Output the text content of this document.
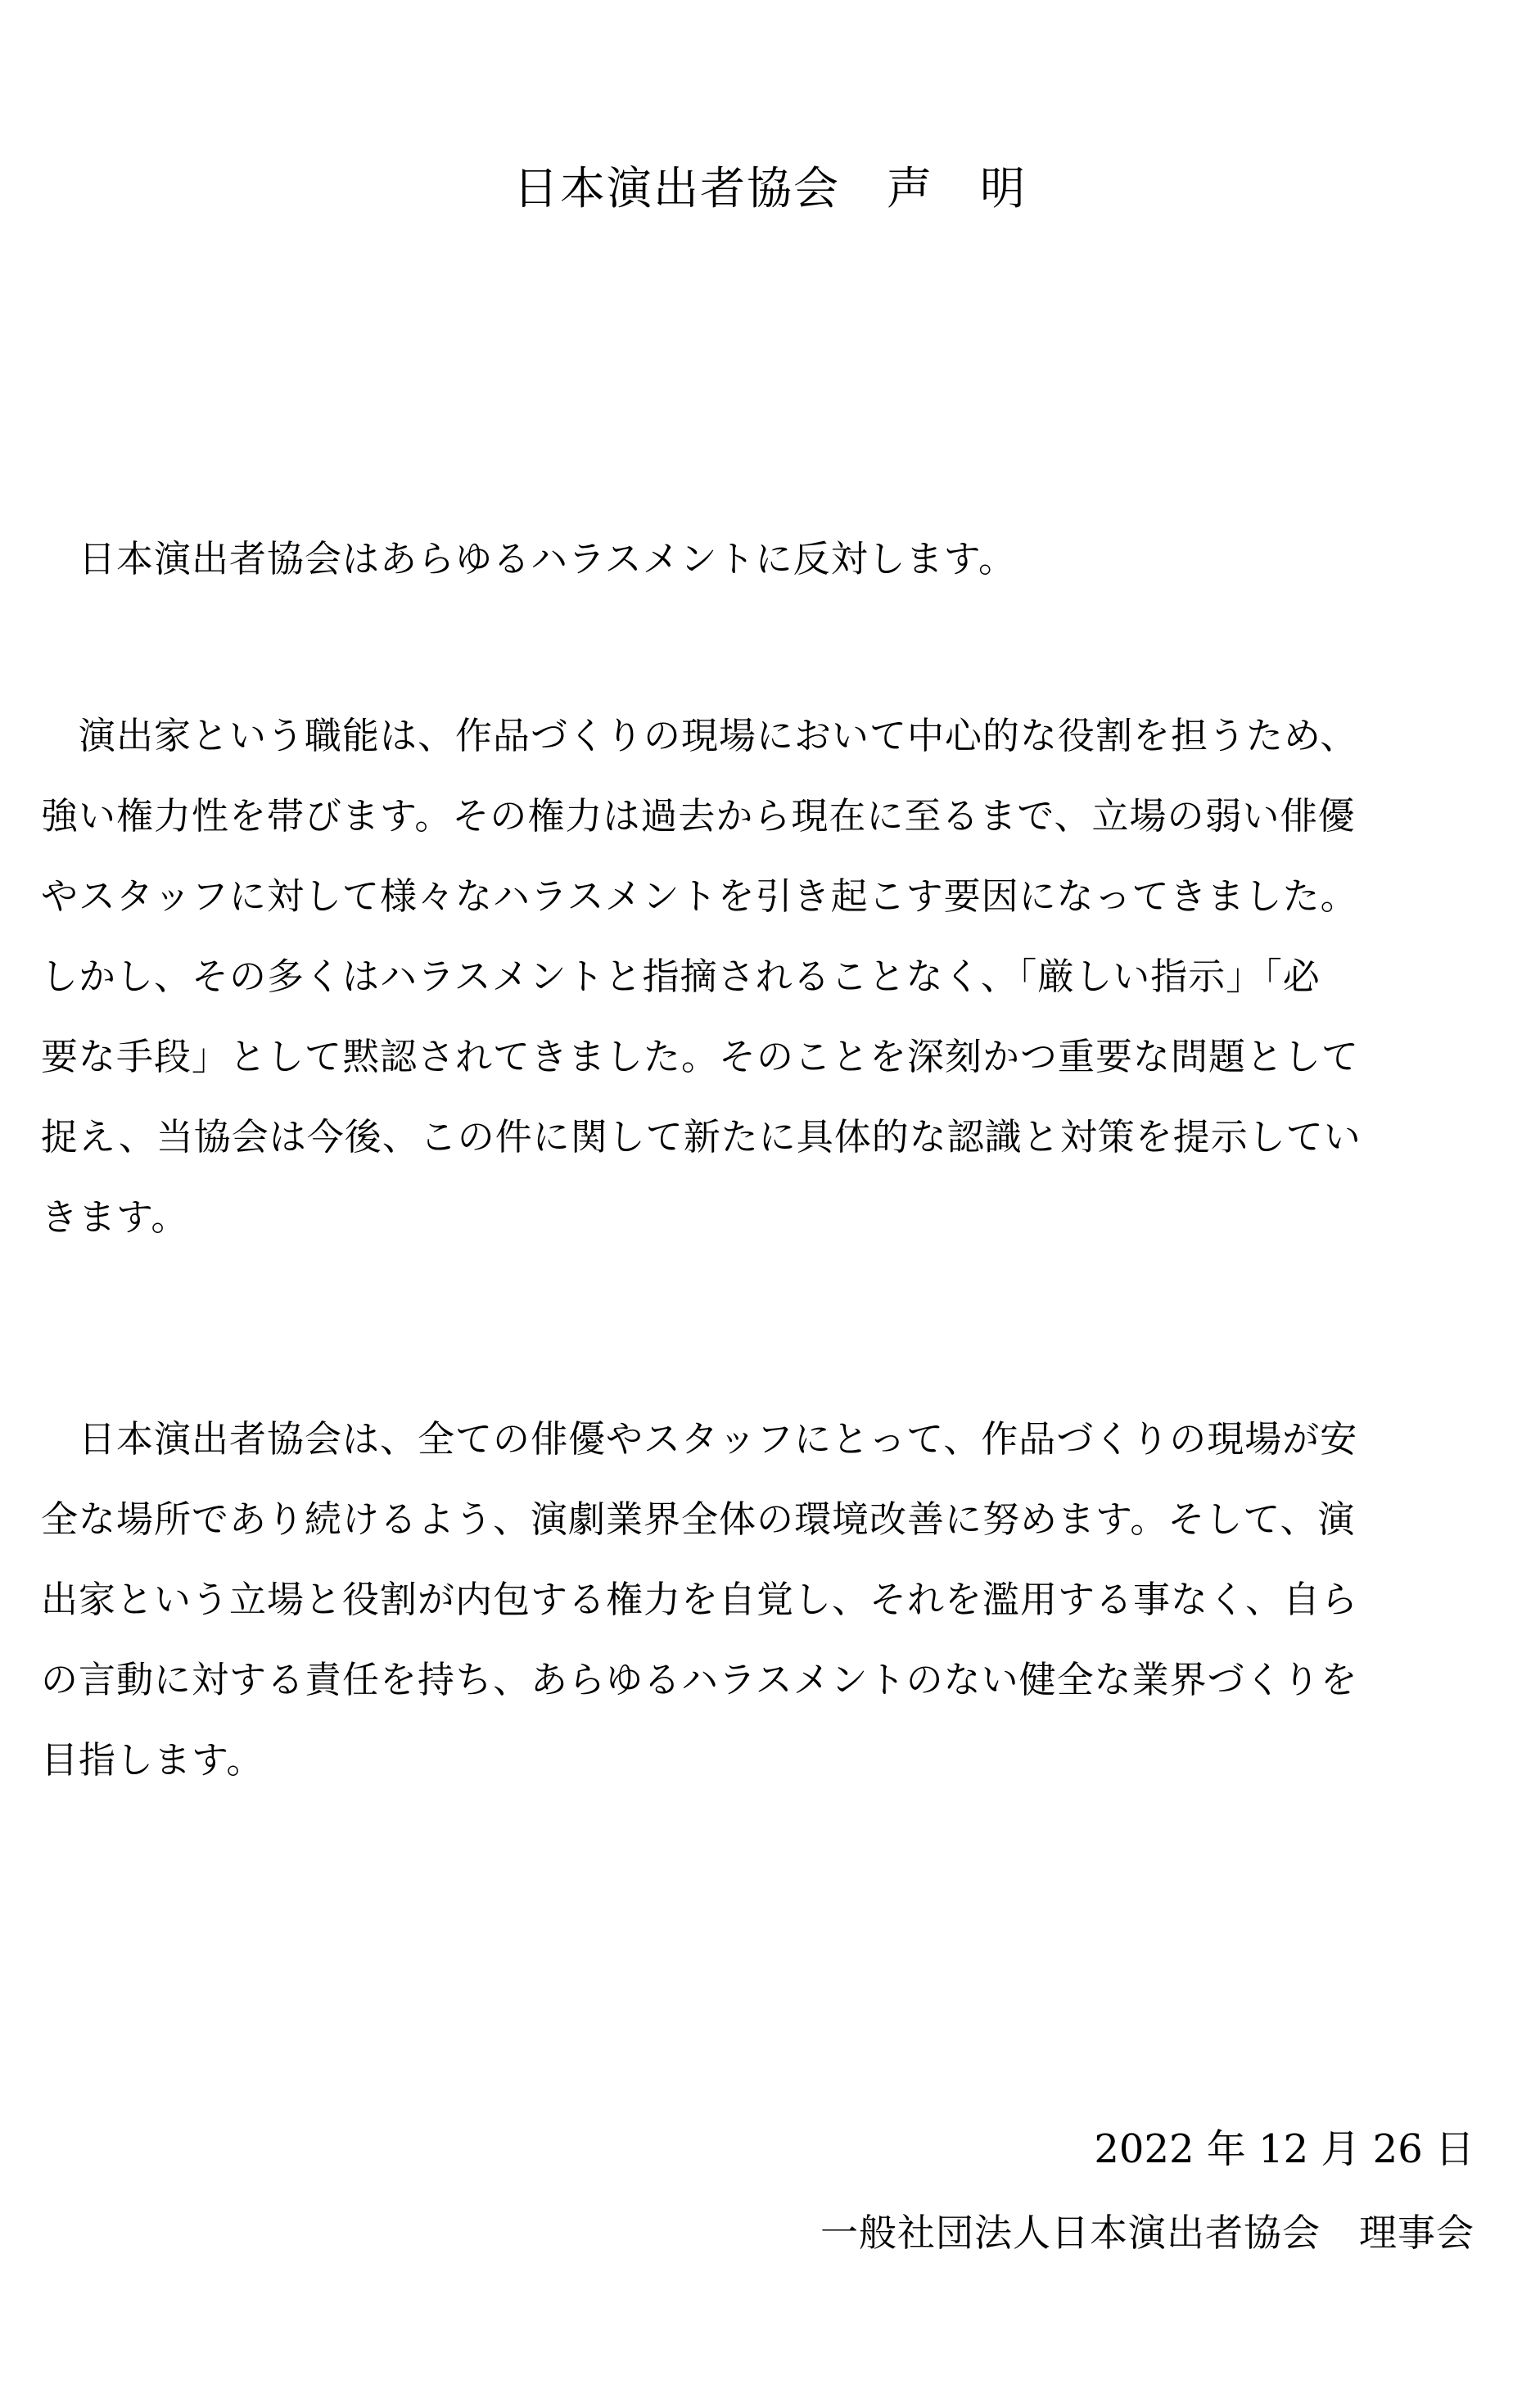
日本演出者協会　声　明
　日本演出者協会はあらゆるハラスメントに反対します。
　演出家という職能は、作品づくりの現場において中心的な役割を担うため、
強い権力性を帯びます。その権力は過去から現在に至るまで、立場の弱い俳優
やスタッフに対して様々なハラスメントを引き起こす要因になってきました。
しかし、その多くはハラスメントと指摘されることなく、「厳しい指示」「必
要な手段」として黙認されてきました。そのことを深刻かつ重要な問題として
捉え、当協会は今後、この件に関して新たに具体的な認識と対策を提示してい
きます。
　日本演出者協会は、全ての俳優やスタッフにとって、作品づくりの現場が安
全な場所であり続けるよう、演劇業界全体の環境改善に努めます。そして、演
出家という立場と役割が内包する権力を自覚し、それを濫用する事なく、自ら
の言動に対する責任を持ち、あらゆるハラスメントのない健全な業界づくりを
目指します。
2022 年 12 月 26 日
一般社団法人日本演出者協会　理事会
